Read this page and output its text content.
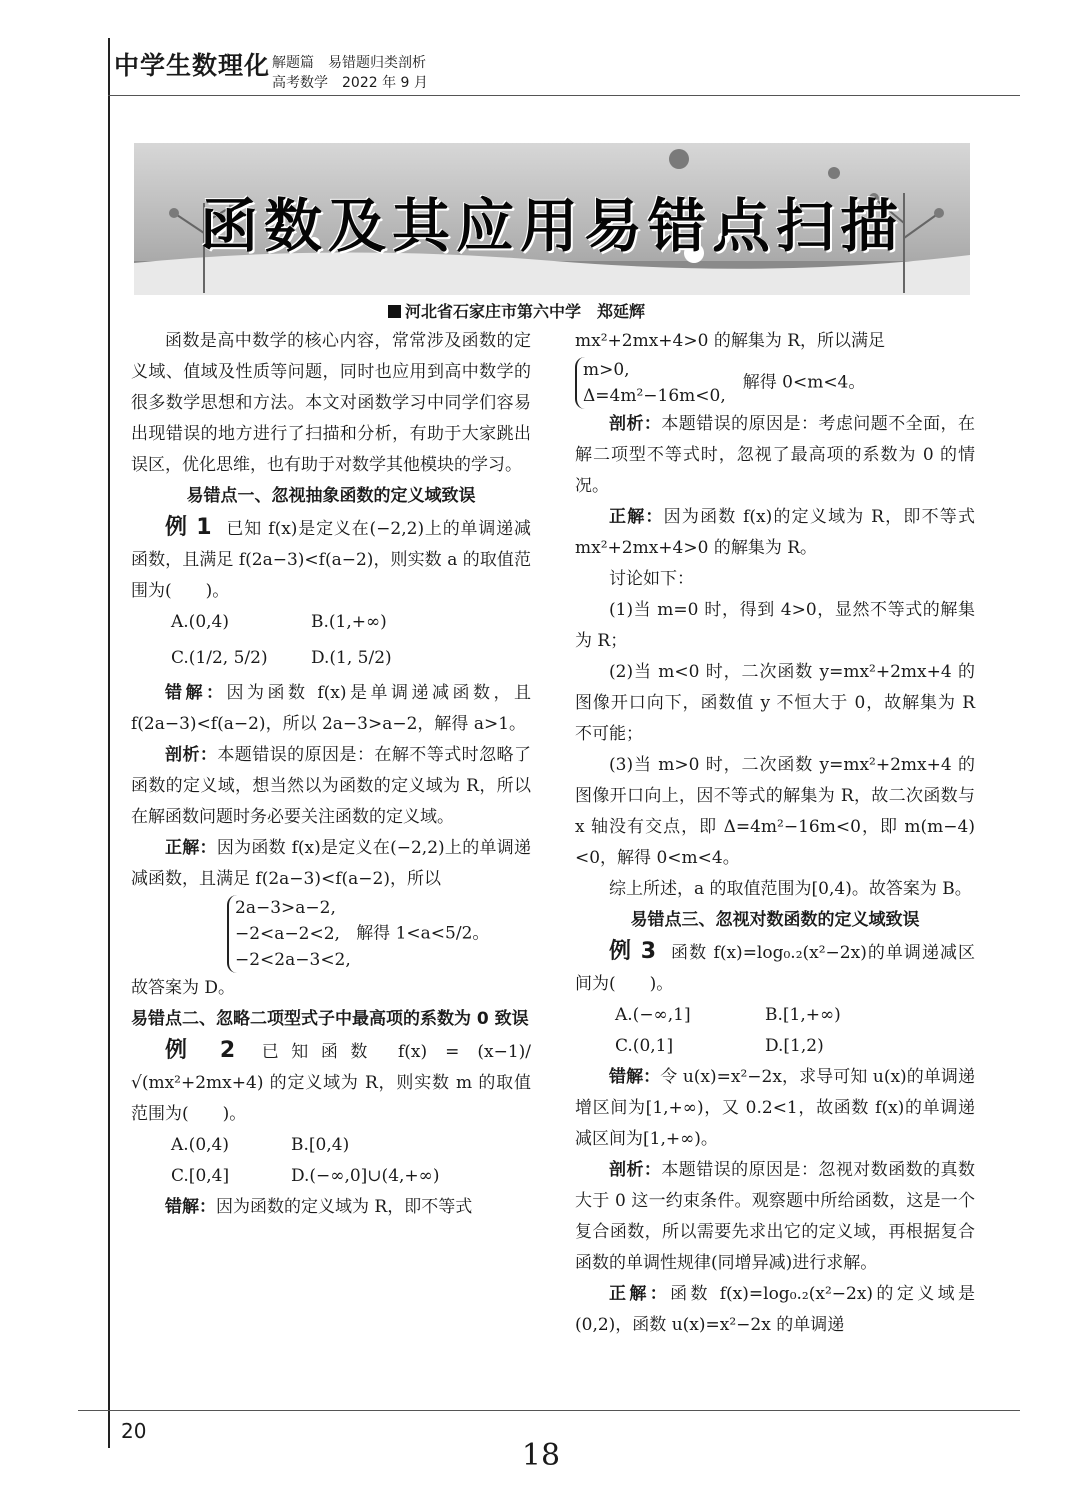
中学生数理化 解题篇　易错题归类剖析
高考数学　2022 年 9 月
函数及其应用易错点扫描
河北省石家庄市第六中学　郑延辉

函数是高中数学的核心内容，常常涉及函数的定义域、值域及性质等问题，同时也应用到高中数学的很多数学思想和方法。本文对函数学习中同学们容易出现错误的地方进行了扫描和分析，有助于大家跳出误区，优化思维，也有助于对数学其他模块的学习。

易错点一、忽视抽象函数的定义域致误

例 1 已知 f(x)是定义在(−2,2)上的单调递减函数，且满足 f(2a−3)<f(a−2)，则实数 a 的取值范围为(　　)。

A.(0,4)	B.(1,+∞)

C.(1/2, 5/2)	D.(1, 5/2)

错解：因为函数 f(x)是单调递减函数，且 f(2a−3)<f(a−2)，所以 2a−3>a−2，解得 a>1。

剖析：本题错误的原因是：在解不等式时忽略了函数的定义域，想当然以为函数的定义域为 R，所以在解函数问题时务必要关注函数的定义域。

正解：因为函数 f(x)是定义在(−2,2)上的单调递减函数，且满足 f(2a−3)<f(a−2)，所以

2a−3>a−2,
−2<a−2<2,
−2<2a−3<2, 解得 1<a<5/2。

故答案为 D。

易错点二、忽略二项型式子中最高项的系数为 0 致误

例 2 已知函数 f(x) = (x−1)/√(mx²+2mx+4) 的定义域为 R，则实数 m 的取值范围为(　　)。

A.(0,4)	B.[0,4)

C.[0,4]	D.(−∞,0]∪(4,+∞)

错解：因为函数的定义域为 R，即不等式

mx²+2mx+4>0 的解集为 R，所以满足

m>0,
Δ=4m²−16m<0,　解得 0<m<4。

剖析：本题错误的原因是：考虑问题不全面，在解二项型不等式时，忽视了最高项的系数为 0 的情况。

正解：因为函数 f(x)的定义域为 R，即不等式 mx²+2mx+4>0 的解集为 R。

讨论如下：

(1)当 m=0 时，得到 4>0，显然不等式的解集为 R；

(2)当 m<0 时，二次函数 y=mx²+2mx+4 的图像开口向下，函数值 y 不恒大于 0，故解集为 R 不可能；

(3)当 m>0 时，二次函数 y=mx²+2mx+4 的图像开口向上，因不等式的解集为 R，故二次函数与 x 轴没有交点，即 Δ=4m²−16m<0，即 m(m−4)<0，解得 0<m<4。

综上所述，a 的取值范围为[0,4)。故答案为 B。

易错点三、忽视对数函数的定义域致误

例 3 函数 f(x)=log₀.₂(x²−2x)的单调递减区间为(　　)。

A.(−∞,1]	B.[1,+∞)

C.(0,1]	D.[1,2)

错解：令 u(x)=x²−2x，求导可知 u(x)的单调递增区间为[1,+∞)，又 0.2<1，故函数 f(x)的单调递减区间为[1,+∞)。

剖析：本题错误的原因是：忽视对数函数的真数大于 0 这一约束条件。观察题中所给函数，这是一个复合函数，所以需要先求出它的定义域，再根据复合函数的单调性规律(同增异减)进行求解。

正解：函数 f(x)=log₀.₂(x²−2x)的定义域是(0,2)，函数 u(x)=x²−2x 的单调递

20
18
